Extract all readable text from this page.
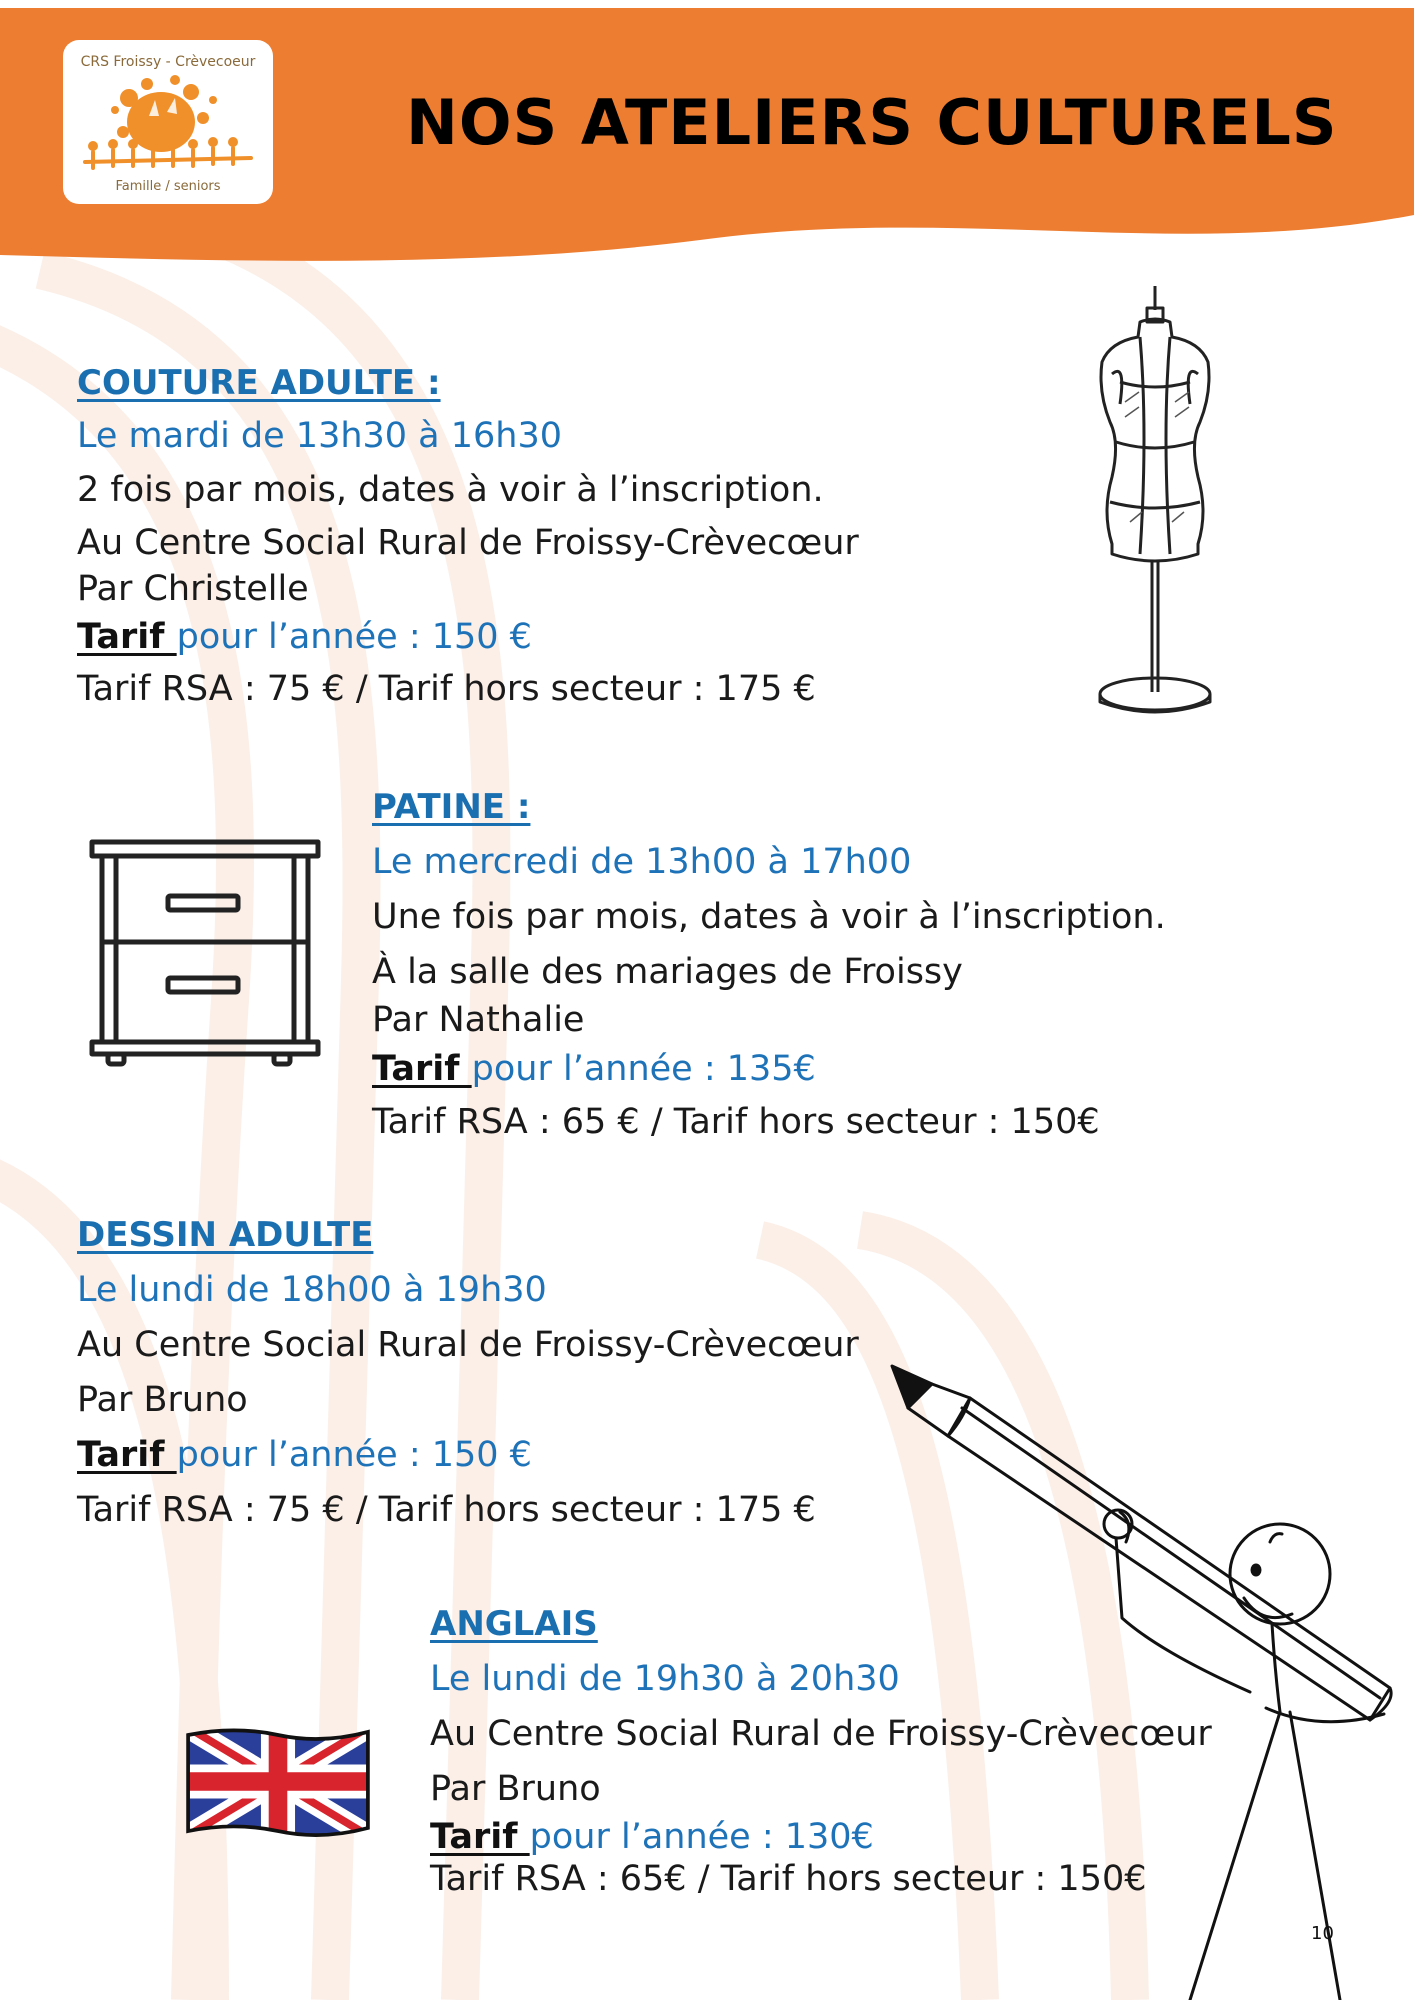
CRS Froissy - Crèvecoeur
Famille / seniors
NOS ATELIERS CULTURELS
COUTURE ADULTE :
Le mardi de 13h30 à 16h30
2 fois par mois, dates à voir à l’inscription.
Au Centre Social Rural de Froissy-Crèvecœur
Par Christelle
Tarif pour l’année : 150 €
Tarif RSA : 75 € / Tarif hors secteur : 175 €
PATINE :
Le mercredi de 13h00 à 17h00
Une fois par mois, dates à voir à l’inscription.
À la salle des mariages de Froissy
Par Nathalie
Tarif pour l’année : 135€
Tarif RSA : 65 € / Tarif hors secteur : 150€
DESSIN ADULTE
Le lundi de 18h00 à 19h30
Au Centre Social Rural de Froissy-Crèvecœur
Par Bruno
Tarif pour l’année : 150 €
Tarif RSA : 75 € / Tarif hors secteur : 175 €
ANGLAIS
Le lundi de 19h30 à 20h30
Au Centre Social Rural de Froissy-Crèvecœur
Par Bruno
Tarif pour l’année : 130€
Tarif RSA : 65€ / Tarif hors secteur : 150€
10
